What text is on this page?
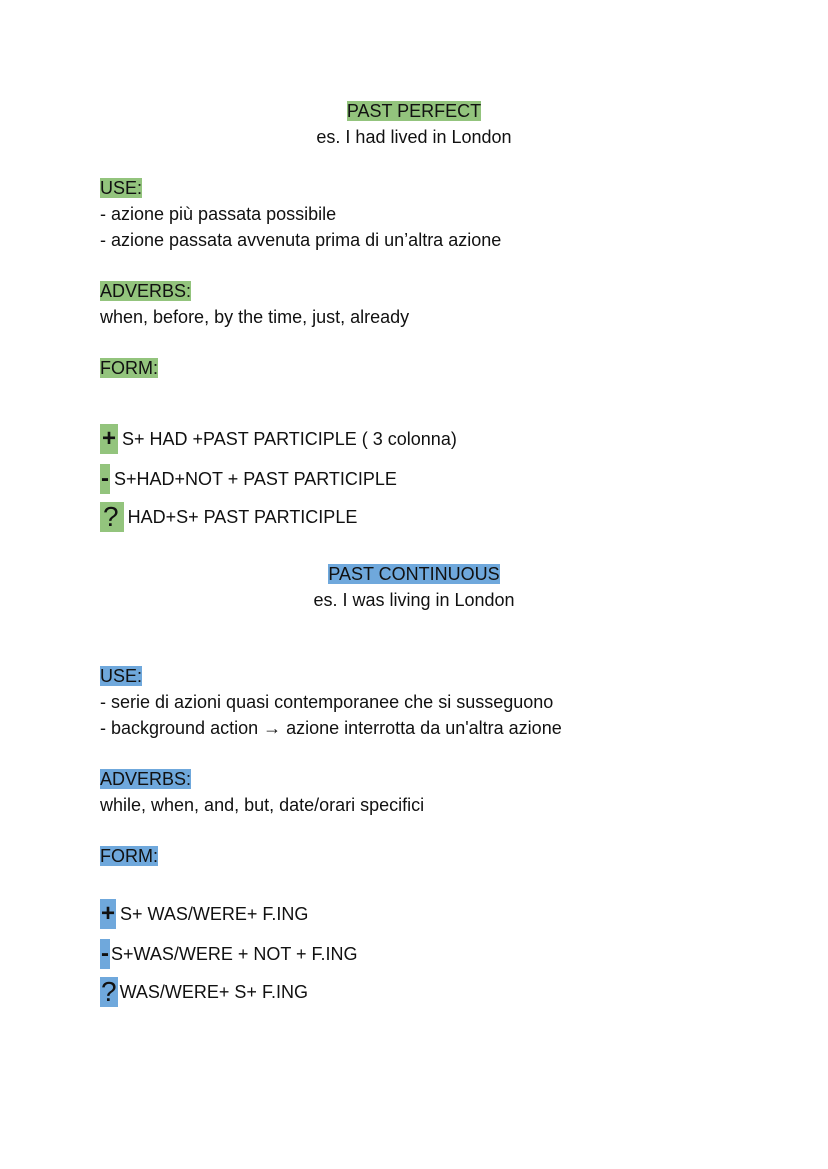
PAST PERFECT
es. I had lived in London
USE:
- azione più passata possibile
- azione passata avvenuta prima di un’altra azione
ADVERBS:
when, before, by the time, just, already
FORM:
+ S+ HAD +PAST PARTICIPLE ( 3 colonna)
- S+HAD+NOT + PAST PARTICIPLE
? HAD+S+ PAST PARTICIPLE
PAST CONTINUOUS
es. I was living in London
USE:
- serie di azioni quasi contemporanee che si susseguono
- background action → azione interrotta da un'altra azione
ADVERBS:
while, when, and, but, date/orari specifici
FORM:
+ S+ WAS/WERE+ F.ING
- S+WAS/WERE + NOT + F.ING
? WAS/WERE+ S+ F.ING
